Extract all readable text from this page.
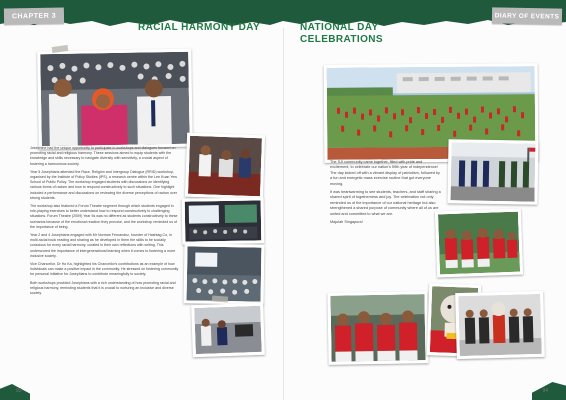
CHAPTER 3	DIARY OF EVENTS
RACIAL HARMONY DAY

Josephine had the unique opportunity to participate in workshops and dialogues focused on promoting racial and religious harmony. These sessions aimed to equip students with the knowledge and skills necessary to navigate diversity with sensitivity, a crucial aspect of fostering a harmonious society.

Year 5 Josephians attended the Race, Religion and Intergroup Dialogue (RRID) workshop, organised by the Institute of Policy Studies (IPS), a research centre within the Lee Kuan Yew School of Public Policy. The workshop engaged students with discussions on identifying various forms of racism and how to respond constructively to such situations. One highlight included a performance and discussions on reviewing the diverse perceptions of racism over strong students.

The workshop also featured a Forum Theatre segment through which students engaged in role-playing exercises to better understand how to respond constructively to challenging situations. Forum Theatre (2009) Year 5s was no different as students constructively to these scenarios because of the emotional reaction they provoke, and the workshop reminded us of the importance of being.

Year 2 and 4 Josephians engaged with Mr Norman Fernandez, founder of Hashtag.Co, in multi-racial book reading and sharing as he developed in them the skills to be socially conscious for every racial harmony, curated in their own reflections with writing. This underscored the importance of intergenerational learning when it comes to fostering a more inclusive society.

Vice Chancellor, Dr Ho Ka, highlighted his Chancellor's contributions as an example of how individuals can make a positive impact in the community. He stressed on fostering community for personal initiative for Josephians to contribute meaningfully to society.

Both workshops provided Josephians with a rich understanding of how promoting racial and religious harmony, reminding students that it is crucial to nurturing an inclusive and diverse society.

93
NATIONAL DAY
CELEBRATIONS

The SJI community came together, filled with pride and excitement, to celebrate our nation's 59th year of independence! The day kicked off with a vibrant display of patriotism, followed by a fun and energetic mass exercise routine that got everyone moving.

It was heartwarming to see students, teachers, and staff sharing a shared spirit of togetherness and joy. The celebration not only reminded us of the importance of our national heritage but also strengthened a shared purpose of community where all of us are united and committed to what we are.

Majulah Singapura!

94
